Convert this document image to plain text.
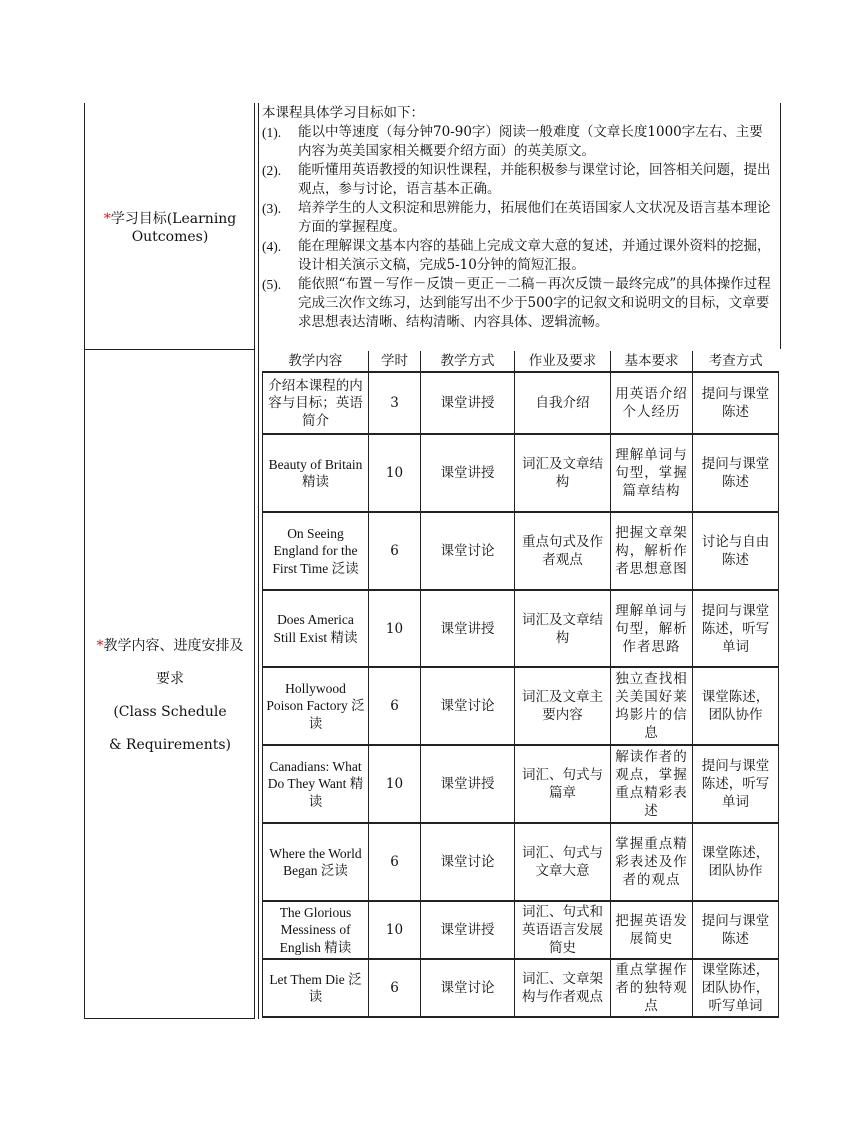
*学习目标(Learning Outcomes)
*教学内容、进度安排及
要求
(Class Schedule
& Requirements)
本课程具体学习目标如下：
(1).	能以中等速度（每分钟70-90字）阅读一般难度（文章长度1000字左右、主要内容为英美国家相关概要介绍方面）的英美原文。
(2).	能听懂用英语教授的知识性课程，并能积极参与课堂讨论，回答相关问题，提出观点，参与讨论，语言基本正确。
(3).	培养学生的人文积淀和思辨能力，拓展他们在英语国家人文状况及语言基本理论方面的掌握程度。
(4).	能在理解课文基本内容的基础上完成文章大意的复述，并通过课外资料的挖掘，设计相关演示文稿，完成5-10分钟的简短汇报。
(5).	能依照“布置－写作－反馈－更正－二稿－再次反馈－最终完成”的具体操作过程完成三次作文练习，达到能写出不少于500字的记叙文和说明文的目标，文章要求思想表达清晰、结构清晰、内容具体、逻辑流畅。
教学内容	学时	教学方式	作业及要求	基本要求	考查方式
介绍本课程的内容与目标；英语简介	3	课堂讲授	自我介绍	用英语介绍个人经历	提问与课堂陈述
Beauty of Britain精读	10	课堂讲授	词汇及文章结构	理解单词与句型，掌握篇章结构	提问与课堂陈述
On Seeing England for the First Time 泛读	6	课堂讨论	重点句式及作者观点	把握文章架构，解析作者思想意图	讨论与自由陈述
Does America Still Exist 精读	10	课堂讲授	词汇及文章结构	理解单词与句型，解析作者思路	提问与课堂陈述，听写单词
Hollywood Poison Factory 泛读	6	课堂讨论	词汇及文章主要内容	独立查找相关美国好莱坞影片的信息	课堂陈述，团队协作
Canadians: What Do They Want 精读	10	课堂讲授	词汇、句式与篇章	解读作者的观点，掌握重点精彩表述	提问与课堂陈述，听写单词
Where the World Began 泛读	6	课堂讨论	词汇、句式与文章大意	掌握重点精彩表述及作者的观点	课堂陈述，团队协作
The Glorious Messiness of English 精读	10	课堂讲授	词汇、句式和英语语言发展简史	把握英语发展简史	提问与课堂陈述
Let Them Die 泛读	6	课堂讨论	词汇、文章架构与作者观点	重点掌握作者的独特观点	课堂陈述，团队协作，听写单词
